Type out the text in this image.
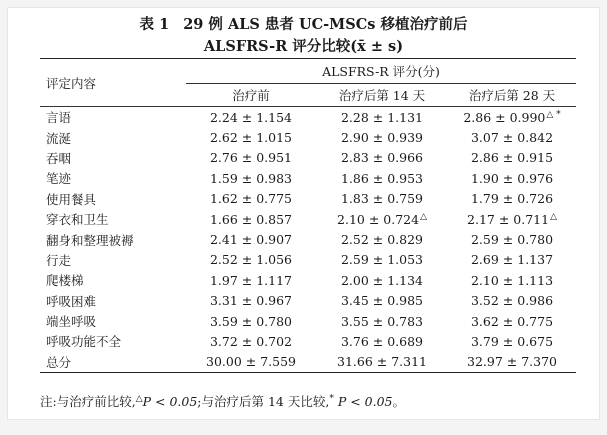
表 1 29 例 ALS 患者 UC-MSCs 移植治疗前后
ALSFRS-R 评分比较(x̄ ± s)
评定内容	ALSFRS-R 评分(分)		
	治疗前	治疗后第 14 天	治疗后第 28 天
言语	2.24 ± 1.154	2.28 ± 1.131	2.86 ± 0.990△ *
流涎	2.62 ± 1.015	2.90 ± 0.939	3.07 ± 0.842
吞咽	2.76 ± 0.951	2.83 ± 0.966	2.86 ± 0.915
笔迹	1.59 ± 0.983	1.86 ± 0.953	1.90 ± 0.976
使用餐具	1.62 ± 0.775	1.83 ± 0.759	1.79 ± 0.726
穿衣和卫生	1.66 ± 0.857	2.10 ± 0.724△	2.17 ± 0.711△
翻身和整理被褥	2.41 ± 0.907	2.52 ± 0.829	2.59 ± 0.780
行走	2.52 ± 1.056	2.59 ± 1.053	2.69 ± 1.137
爬楼梯	1.97 ± 1.117	2.00 ± 1.134	2.10 ± 1.113
呼吸困难	3.31 ± 0.967	3.45 ± 0.985	3.52 ± 0.986
端坐呼吸	3.59 ± 0.780	3.55 ± 0.783	3.62 ± 0.775
呼吸功能不全	3.72 ± 0.702	3.76 ± 0.689	3.79 ± 0.675
总分	30.00 ± 7.559	31.66 ± 7.311	32.97 ± 7.370
注:与治疗前比较,△P < 0.05;与治疗后第 14 天比较,* P < 0.05。
